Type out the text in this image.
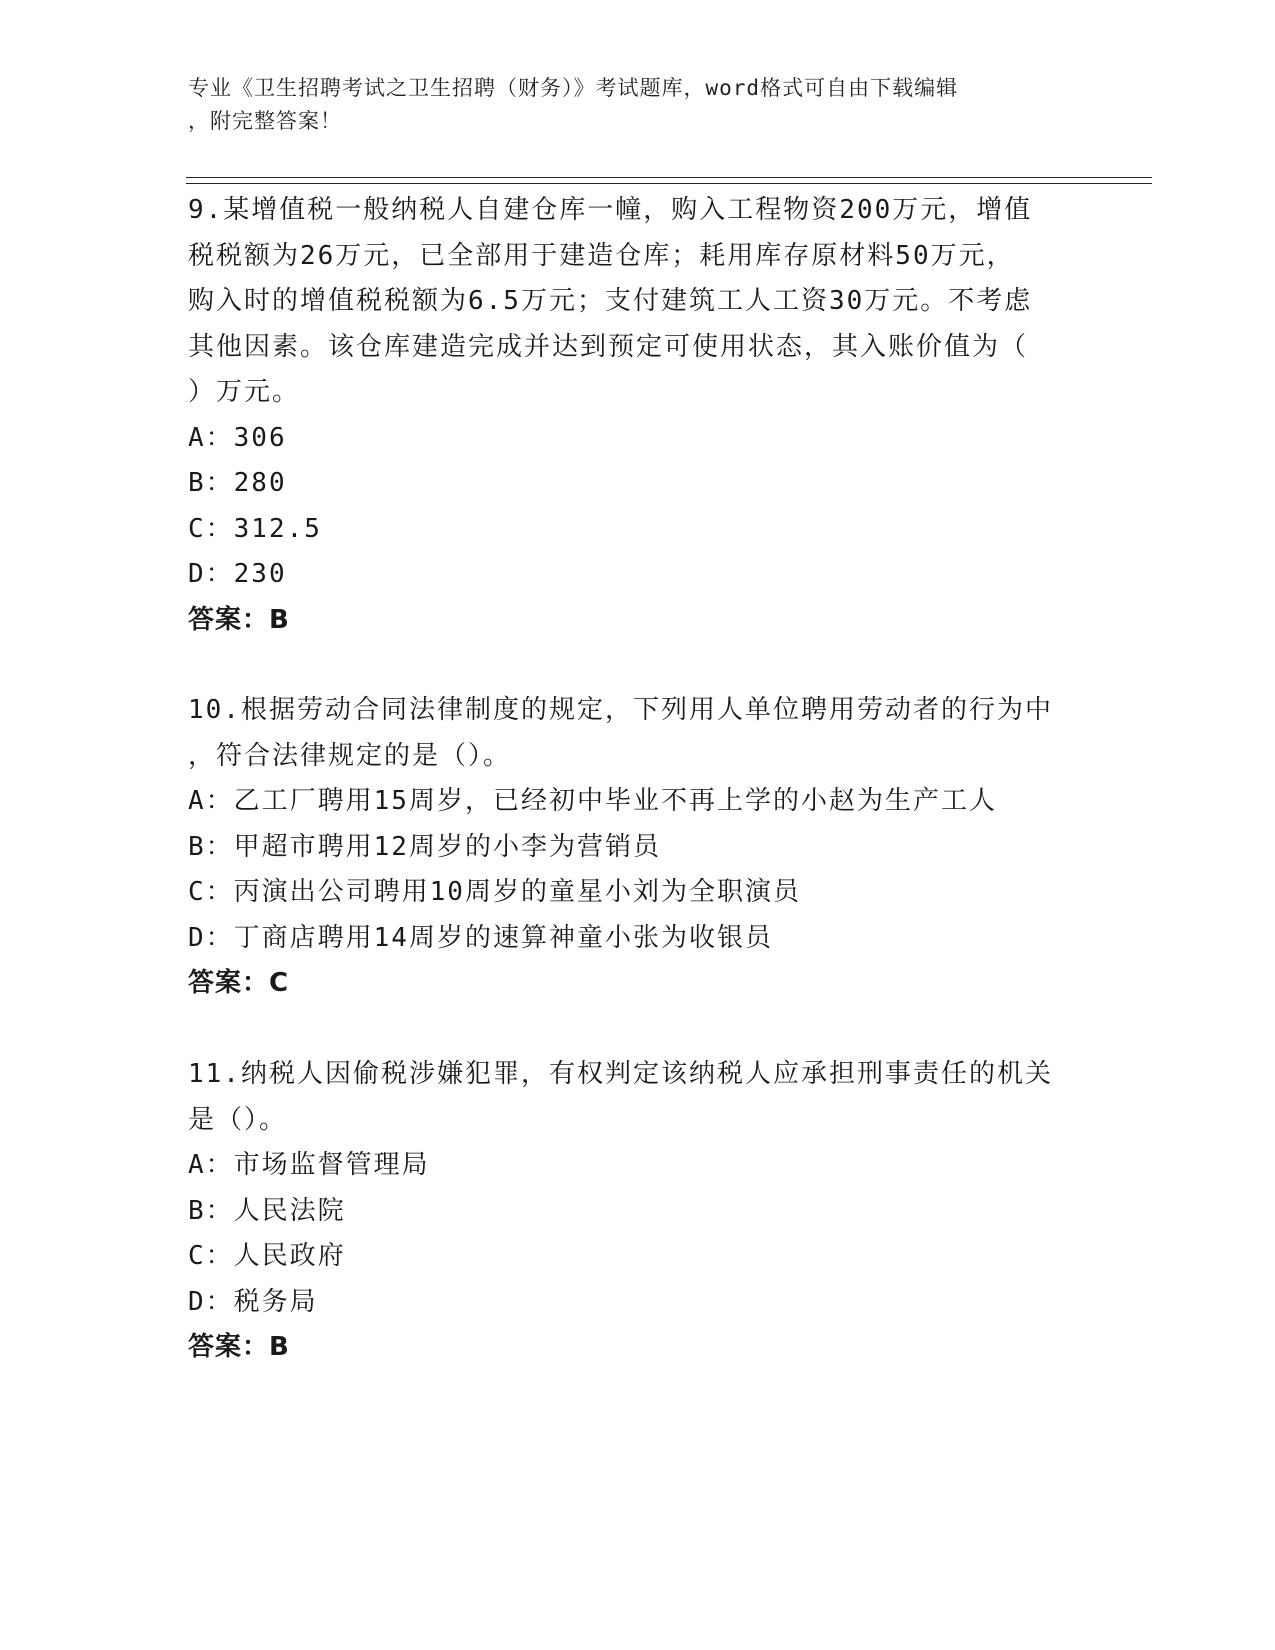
专业《卫生招聘考试之卫生招聘（财务）》考试题库，word格式可自由下载编辑
，附完整答案！
9.某增值税一般纳税人自建仓库一幢，购入工程物资200万元，增值
税税额为26万元，已全部用于建造仓库；耗用库存原材料50万元，
购入时的增值税税额为6.5万元；支付建筑工人工资30万元。不考虑
其他因素。该仓库建造完成并达到预定可使用状态，其入账价值为（
）万元。
A：306
B：280
C：312.5
D：230
答案：B
10.根据劳动合同法律制度的规定，下列用人单位聘用劳动者的行为中
，符合法律规定的是（）。
A：乙工厂聘用15周岁，已经初中毕业不再上学的小赵为生产工人
B：甲超市聘用12周岁的小李为营销员
C：丙演出公司聘用10周岁的童星小刘为全职演员
D：丁商店聘用14周岁的速算神童小张为收银员
答案：C
11.纳税人因偷税涉嫌犯罪，有权判定该纳税人应承担刑事责任的机关
是（）。
A：市场监督管理局
B：人民法院
C：人民政府
D：税务局
答案：B
